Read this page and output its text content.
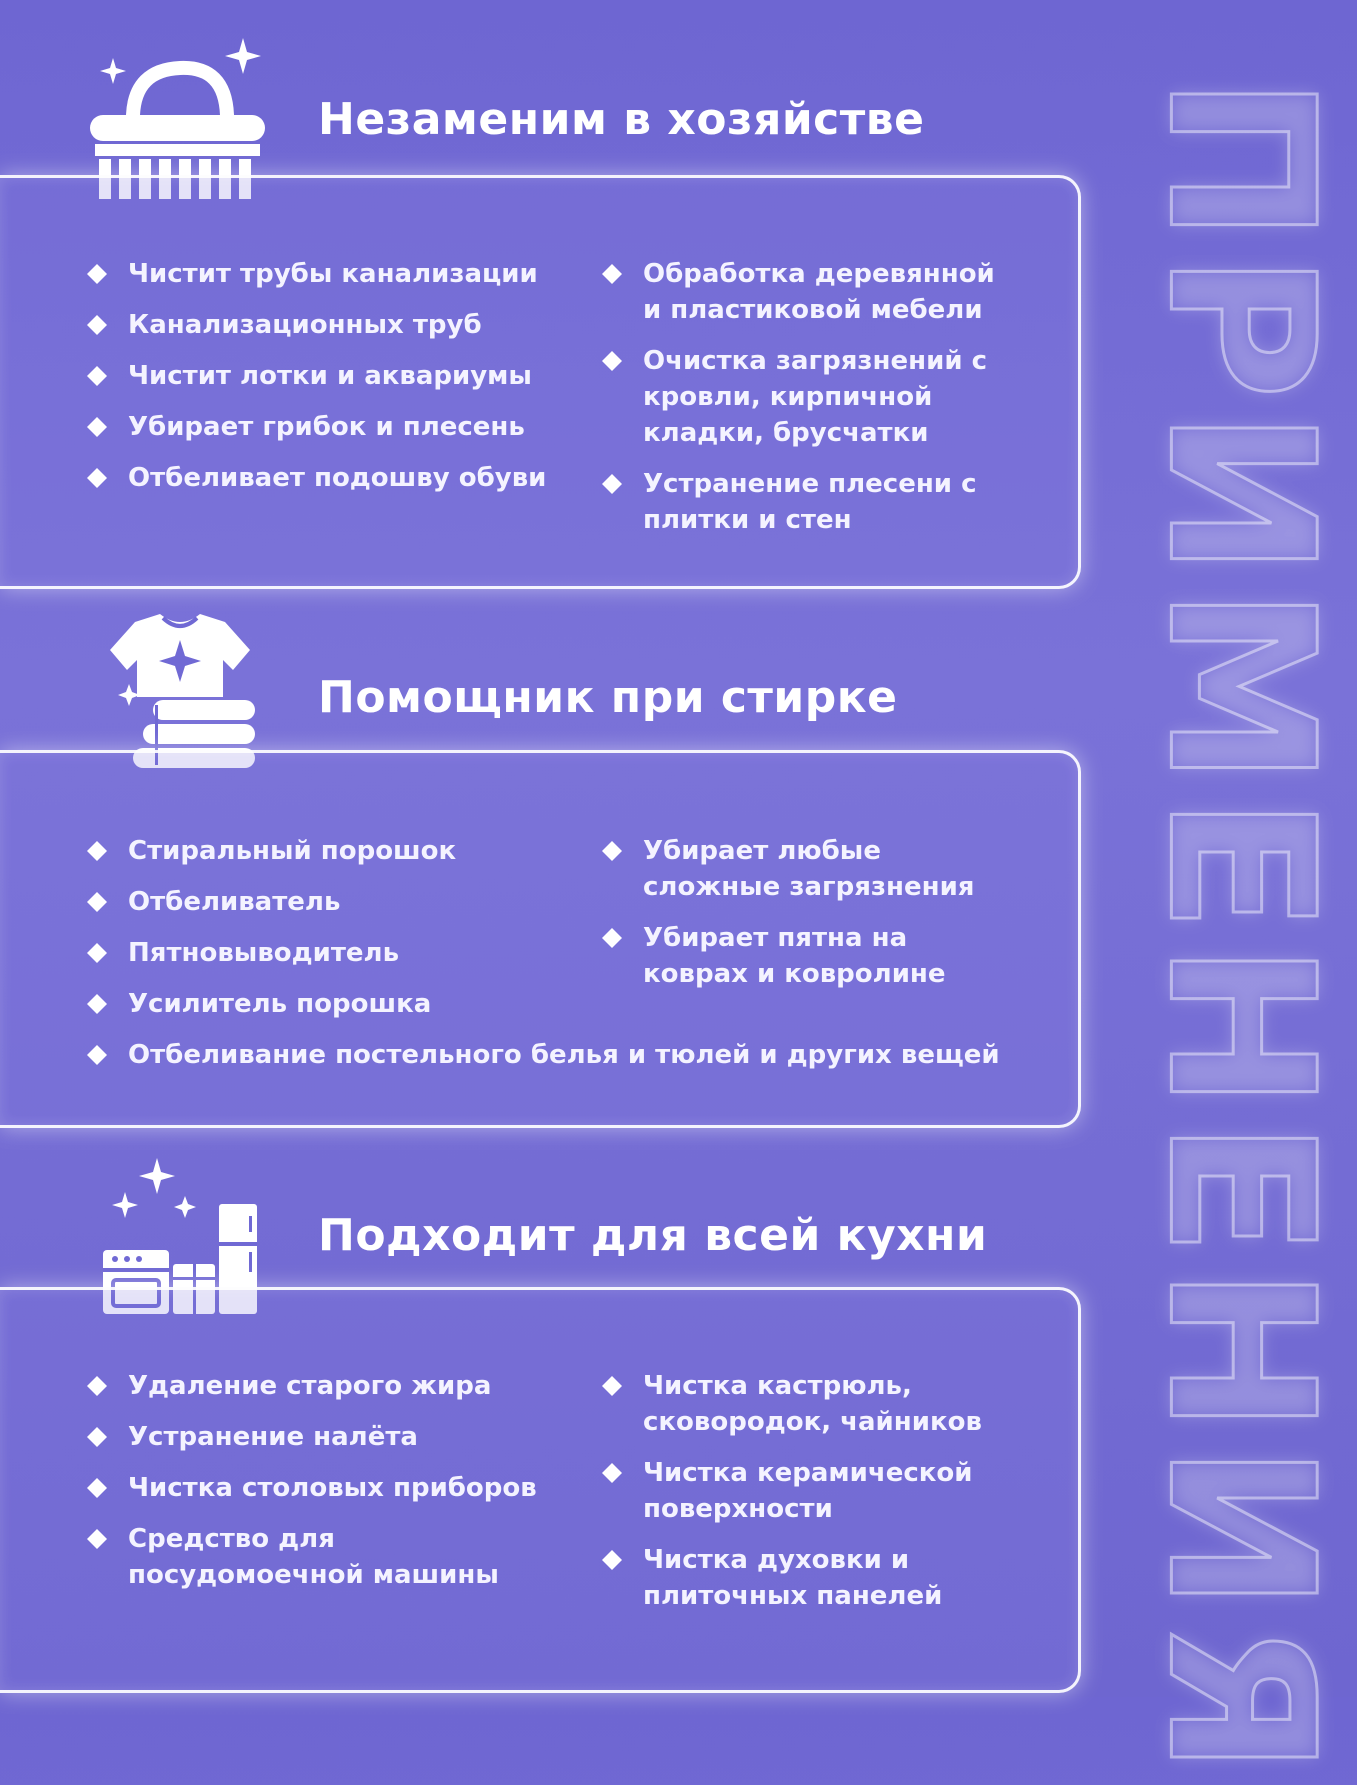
ПРИМЕНЕНИЯ
Незаменим в хозяйстве
Чистит трубы канализации
Канализационных труб
Чистит лотки и аквариумы
Убирает грибок и плесень
Отбеливает подошву обуви
Обработка деревянной и пластиковой мебели
Очистка загрязнений с кровли, кирпичной кладки, брусчатки
Устранение плесени с плитки и стен
Помощник при стирке
Стиральный порошок
Отбеливатель
Пятновыводитель
Усилитель порошка
Убирает любые сложные загрязнения
Убирает пятна на коврах и ковролине
Отбеливание постельного белья и тюлей и других вещей
Подходит для всей кухни
Удаление старого жира
Устранение налёта
Чистка столовых приборов
Средство для посудомоечной машины
Чистка кастрюль, сковородок, чайников
Чистка керамической поверхности
Чистка духовки и плиточных панелей
